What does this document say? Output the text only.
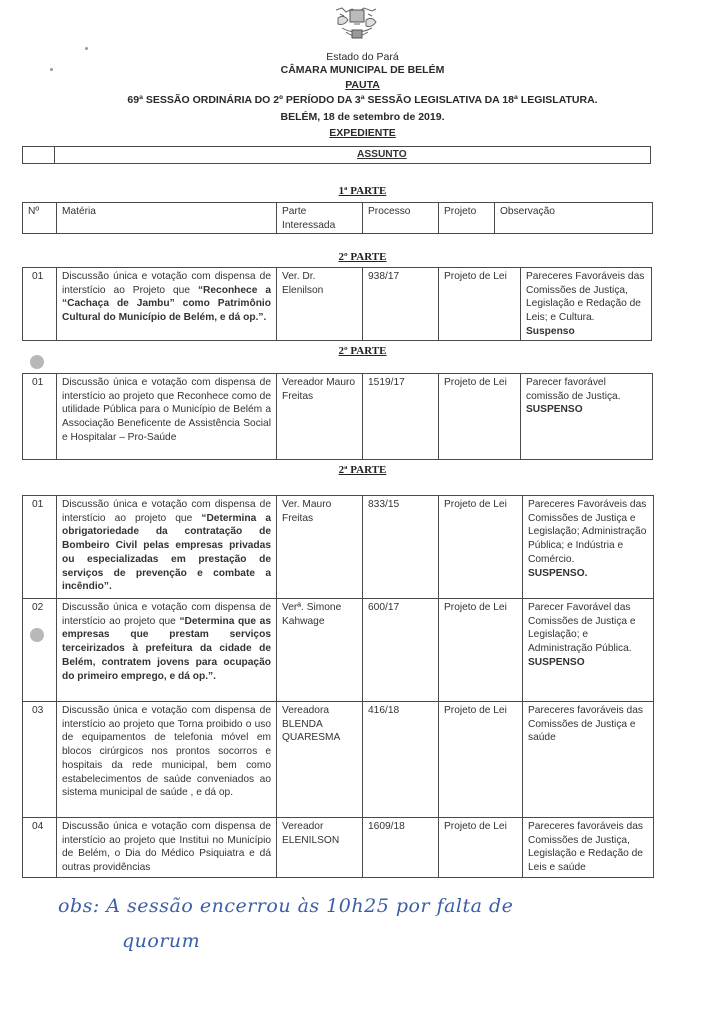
Estado do Pará
CÂMARA MUNICIPAL DE BELÉM
PAUTA
69ª SESSÃO ORDINÁRIA DO 2º PERÍODO DA 3ª SESSÃO LEGISLATIVA DA 18ª LEGISLATURA.
BELÉM, 18 de setembro de 2019.
EXPEDIENTE
	ASSUNTO
1ª PARTE
Nº	Matéria	Parte Interessada	Processo	Projeto	Observação
2º PARTE
01	Discussão única e votação com dispensa de interstício ao Projeto que “Reconhece a “Cachaça de Jambu” como Patrimônio Cultural do Município de Belém, e dá op.”.	Ver. Dr. Elenilson	938/17	Projeto de Lei	Pareceres Favoráveis das Comissões de Justiça, Legislação e Redação de Leis; e Cultura.
Suspenso
2º PARTE
01	Discussão única e votação com dispensa de interstício ao projeto que Reconhece como de utilidade Pública para o Município de Belém a Associação Beneficente de Assistência Social e Hospitalar – Pro-Saúde	Vereador Mauro Freitas	1519/17	Projeto de Lei	Parecer favorável comissão de Justiça.
SUSPENSO
2ª PARTE
01	Discussão única e votação com dispensa de interstício ao projeto que “Determina a obrigatoriedade da contratação de Bombeiro Civil pelas empresas privadas ou especializadas em prestação de serviços de prevenção e combate a incêndio”.	Ver. Mauro Freitas	833/15	Projeto de Lei	Pareceres Favoráveis das Comissões de Justiça e Legislação; Administração Pública; e Indústria e Comércio.
SUSPENSO.

02	Discussão única e votação com dispensa de interstício ao projeto que “Determina que as empresas que prestam serviços terceirizados à prefeitura da cidade de Belém, contratem jovens para ocupação do primeiro emprego, e dá op.”.	Verª. Simone Kahwage	600/17	Projeto de Lei	Parecer Favorável das Comissões de Justiça e Legislação; e Administração Pública.
SUSPENSO

03	Discussão única e votação com dispensa de interstício ao projeto que Torna proibido o uso de equipamentos de telefonia móvel em blocos cirúrgicos nos prontos socorros e hospitais da rede municipal, bem como estabelecimentos de saúde conveniados ao sistema municipal de saúde , e dá op.	Vereadora BLENDA QUARESMA	416/18	Projeto de Lei	Pareceres favoráveis das Comissões de Justiça e saúde
04	Discussão única e votação com dispensa de interstício ao projeto que Institui no Município de Belém, o Dia do Médico Psiquiatra e dá outras providências	Vereador ELENILSON	1609/18	Projeto de Lei	Pareceres favoráveis das Comissões de Justiça, Legislação e Redação de Leis e saúde
obs: A sessão encerrou às 10h25 por falta de
quorum
